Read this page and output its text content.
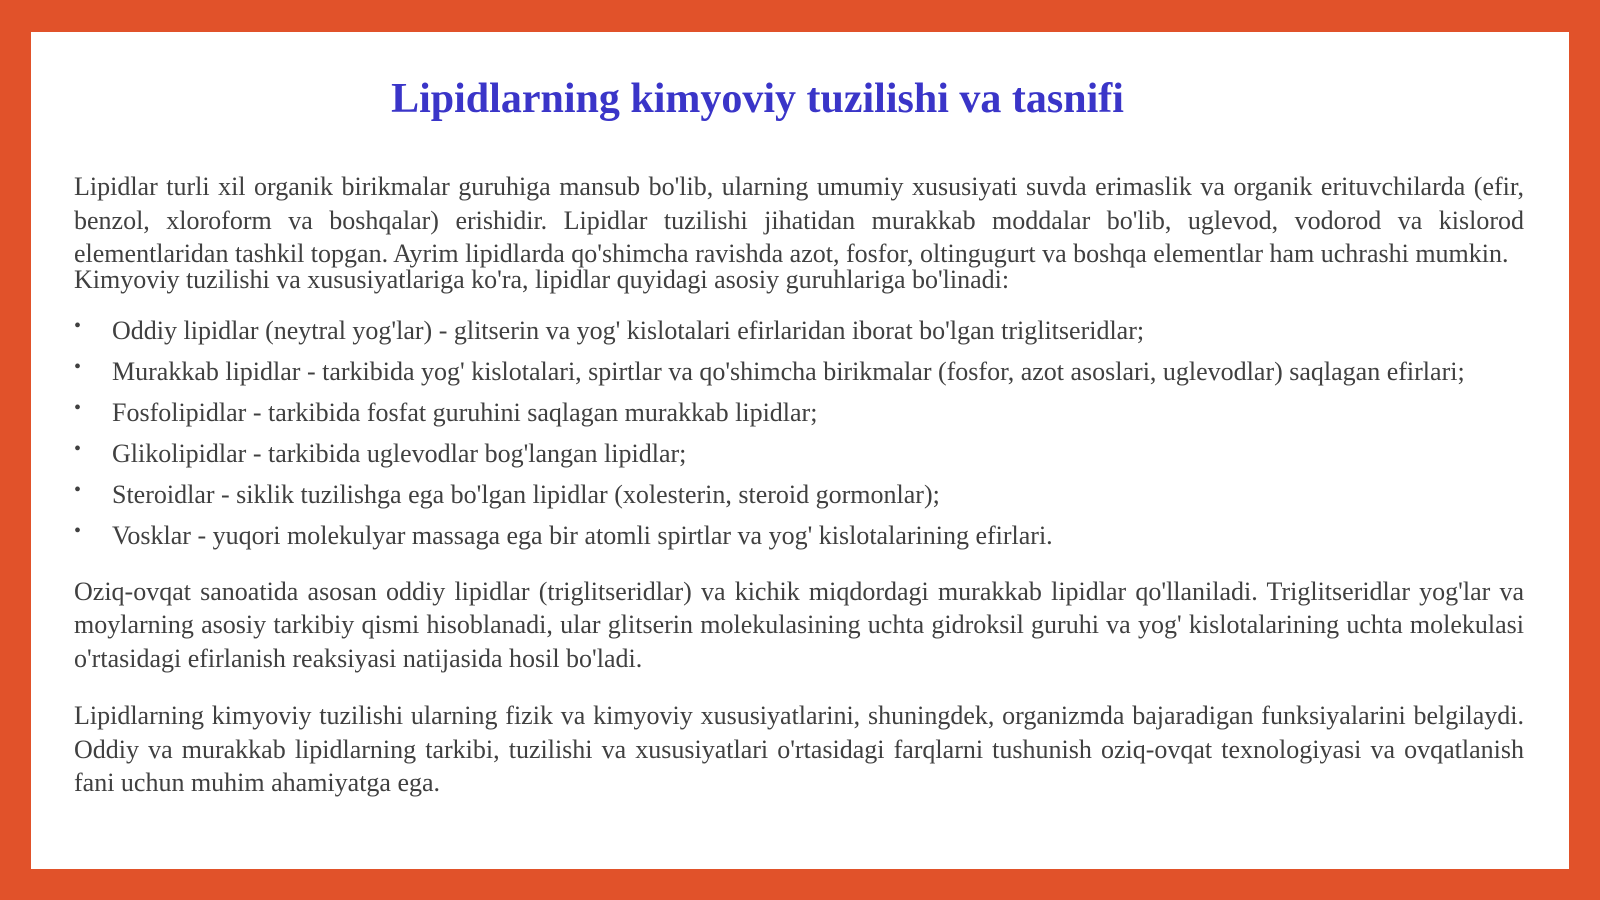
Lipidlarning kimyoviy tuzilishi va tasnifi

Lipidlar turli xil organik birikmalar guruhiga mansub bo'lib, ularning umumiy xususiyati suvda erimaslik va organik erituvchilarda (efir, benzol, xloroform va boshqalar) erishidir. Lipidlar tuzilishi jihatidan murakkab moddalar bo'lib, uglevod, vodorod va kislorod elementlaridan tashkil topgan. Ayrim lipidlarda qo'shimcha ravishda azot, fosfor, oltingugurt va boshqa elementlar ham uchrashi mumkin.

Kimyoviy tuzilishi va xususiyatlariga ko'ra, lipidlar quyidagi asosiy guruhlariga bo'linadi:

• Oddiy lipidlar (neytral yog'lar) - glitserin va yog' kislotalari efirlaridan iborat bo'lgan triglitseridlar;
• Murakkab lipidlar - tarkibida yog' kislotalari, spirtlar va qo'shimcha birikmalar (fosfor, azot asoslari, uglevodlar) saqlagan efirlari;
• Fosfolipidlar - tarkibida fosfat guruhini saqlagan murakkab lipidlar;
• Glikolipidlar - tarkibida uglevodlar bog'langan lipidlar;
• Steroidlar - siklik tuzilishga ega bo'lgan lipidlar (xolesterin, steroid gormonlar);
• Vosklar - yuqori molekulyar massaga ega bir atomli spirtlar va yog' kislotalarining efirlari.

Oziq-ovqat sanoatida asosan oddiy lipidlar (triglitseridlar) va kichik miqdordagi murakkab lipidlar qo'llaniladi. Triglitseridlar yog'lar va moylarning asosiy tarkibiy qismi hisoblanadi, ular glitserin molekulasining uchta gidroksil guruhi va yog' kislotalarining uchta molekulasi o'rtasidagi efirlanish reaksiyasi natijasida hosil bo'ladi.

Lipidlarning kimyoviy tuzilishi ularning fizik va kimyoviy xususiyatlarini, shuningdek, organizmda bajaradigan funksiyalarini belgilaydi. Oddiy va murakkab lipidlarning tarkibi, tuzilishi va xususiyatlari o'rtasidagi farqlarni tushunish oziq-ovqat texnologiyasi va ovqatlanish fani uchun muhim ahamiyatga ega.
